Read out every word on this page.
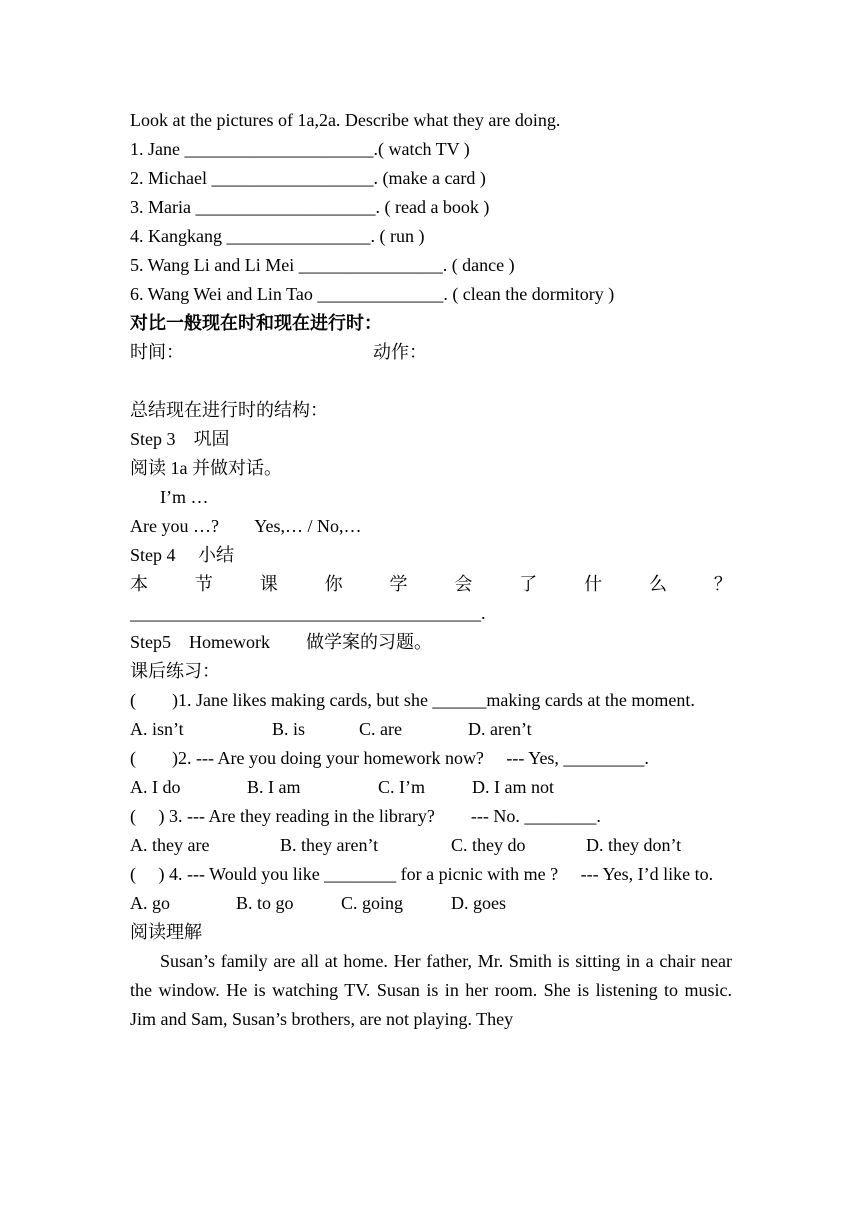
Look at the pictures of 1a,2a. Describe what they are doing.
1. Jane _____________________.( watch TV )
2. Michael __________________. (make a card )
3. Maria ____________________. ( read a book )
4. Kangkang ________________. ( run )
5. Wang Li and Li Mei ________________. ( dance )
6. Wang Wei and Lin Tao ______________. ( clean the dormitory )
对比一般现在时和现在进行时：
时间：	动作：
总结现在进行时的结构：
Step 3　巩固
阅读 1a 并做对话。
I’m …
Are you …?        Yes,… / No,…
Step 4　 小结
本	节	课	你	学	会	了	什	么	？
_______________________________________.
Step5　Homework　　做学案的习题。
课后练习：
(　　)1. Jane likes making cards, but she ______making cards at the moment.
A. isn’t	B. is	C. are	D. aren’t
(　　)2. --- Are you doing your homework now?　 --- Yes, _________.
A. I do	B. I am	C. I’m	D. I am not
(　 ) 3. --- Are they reading in the library?　　--- No. ________.
A. they are	B. they aren’t	C. they do	D. they don’t
(　 ) 4. --- Would you like ________ for a picnic with me ?　 --- Yes, I’d like to.
A. go	B. to go	C. going	D. goes
阅读理解
Susan’s family are all at home. Her father, Mr. Smith is sitting in a chair near the window. He is watching TV. Susan is in her room. She is listening to music. Jim and Sam, Susan’s brothers, are not playing. They
